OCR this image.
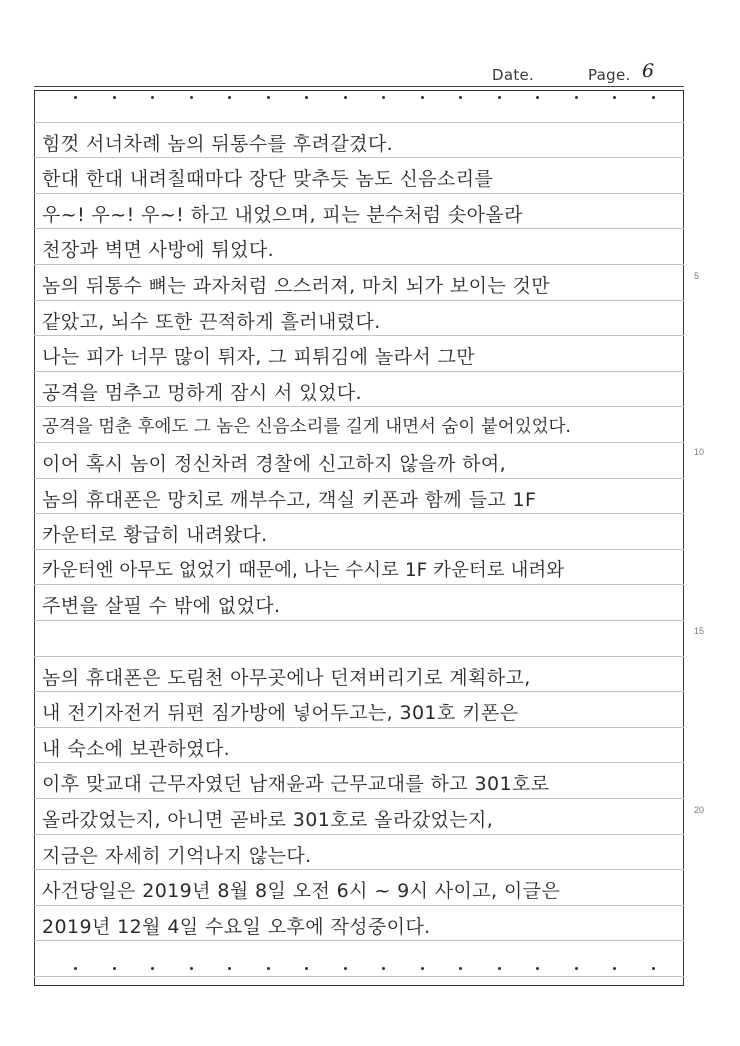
Date.	Page. 6
5
10
15
20
힘껏 서너차례 놈의 뒤통수를 후려갈겼다.
한대 한대 내려칠때마다 장단 맞추듯 놈도 신음소리를
우~! 우~! 우~! 하고 내었으며, 피는 분수처럼 솟아올라
천장과 벽면 사방에 튀었다.
놈의 뒤통수 뼈는 과자처럼 으스러져, 마치 뇌가 보이는 것만
같았고, 뇌수 또한 끈적하게 흘러내렸다.
나는 피가 너무 많이 튀자, 그 피튀김에 놀라서 그만
공격을 멈추고 멍하게 잠시 서 있었다.
공격을 멈춘 후에도 그 놈은 신음소리를 길게 내면서 숨이 붙어있었다.
이어 혹시 놈이 정신차려 경찰에 신고하지 않을까 하여,
놈의 휴대폰은 망치로 깨부수고, 객실 키폰과 함께 들고 1F
카운터로 황급히 내려왔다.
카운터엔 아무도 없었기 때문에, 나는 수시로 1F 카운터로 내려와
주변을 살필 수 밖에 없었다.
놈의 휴대폰은 도림천 아무곳에나 던져버리기로 계획하고,
내 전기자전거 뒤편 짐가방에 넣어두고는, 301호 키폰은
내 숙소에 보관하였다.
이후 맞교대 근무자였던 남재윤과 근무교대를 하고 301호로
올라갔었는지, 아니면 곧바로 301호로 올라갔었는지,
지금은 자세히 기억나지 않는다.
사건당일은 2019년 8월 8일 오전 6시 ~ 9시 사이고, 이글은
2019년 12월 4일 수요일 오후에 작성중이다.
